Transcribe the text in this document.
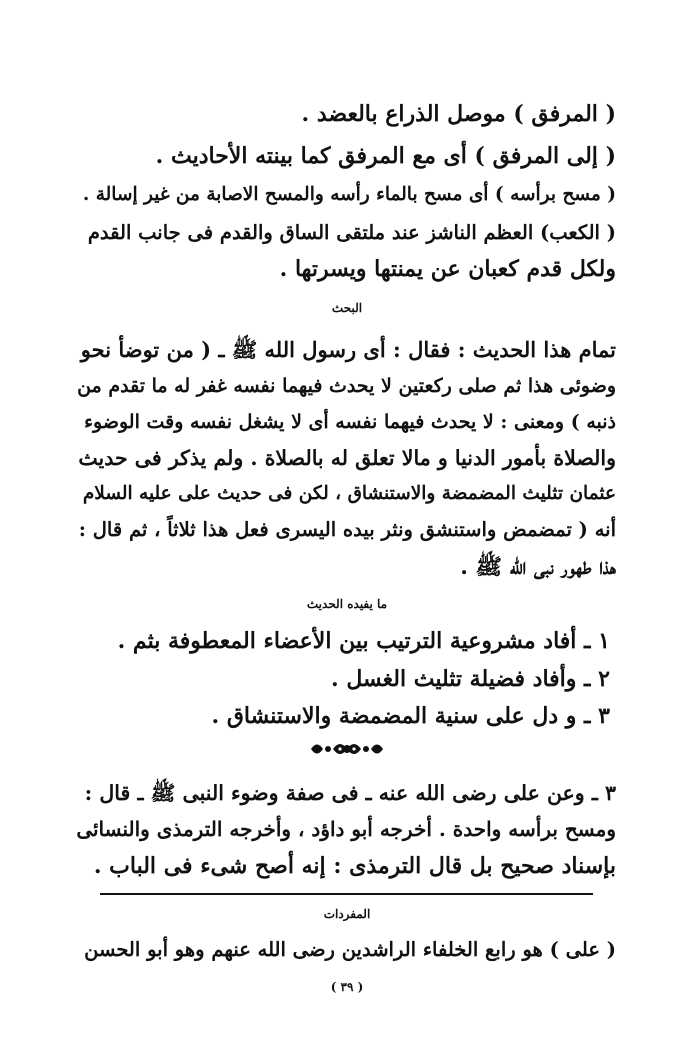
( المرفق ) موصل الذراع بالعضد .
( إلى المرفق ) أى مع المرفق كما بينته الأحاديث .
( مسح برأسه ) أى مسح بالماء رأسه والمسح الاصابة من غير إسالة .
( الكعب) العظم الناشز عند ملتقى الساق والقدم فى جانب القدم
ولكل قدم كعبان عن يمنتها ويسرتها .
البحث
تمام هذا الحديث : فقال : أى رسول الله ﷺ ـ ( من توضأ نحو
وضوئى هذا ثم صلى ركعتين لا يحدث فيهما نفسه غفر له ما تقدم من
ذنبه ) ومعنى : لا يحدث فيهما نفسه أى لا يشغل نفسه وقت الوضوء
والصلاة بأمور الدنيا و مالا تعلق له بالصلاة . ولم يذكر فى حديث
عثمان تثليث المضمضة والاستنشاق ، لكن فى حديث على عليه السلام
أنه ( تمضمض واستنشق ونثر بيده اليسرى فعل هذا ثلاثاً ، ثم قال :
هذا طهور نبى الله ﷺ .
ما يفيده الحديث
١ ـ أفاد مشروعية الترتيب بين الأعضاء المعطوفة بثم .
٢ ـ وأفاد فضيلة تثليث الغسل .
٣ ـ و دل على سنية المضمضة والاستنشاق .
٣ ـ وعن على رضى الله عنه ـ فى صفة وضوء النبى ﷺ ـ قال :
ومسح برأسه واحدة . أخرجه أبو داؤد ، وأخرجه الترمذى والنسائى
بإسناد صحيح بل قال الترمذى : إنه أصح شىء فى الباب .
المفردات
( على ) هو رابع الخلفاء الراشدين رضى الله عنهم وهو أبو الحسن
( ٣٩ )
